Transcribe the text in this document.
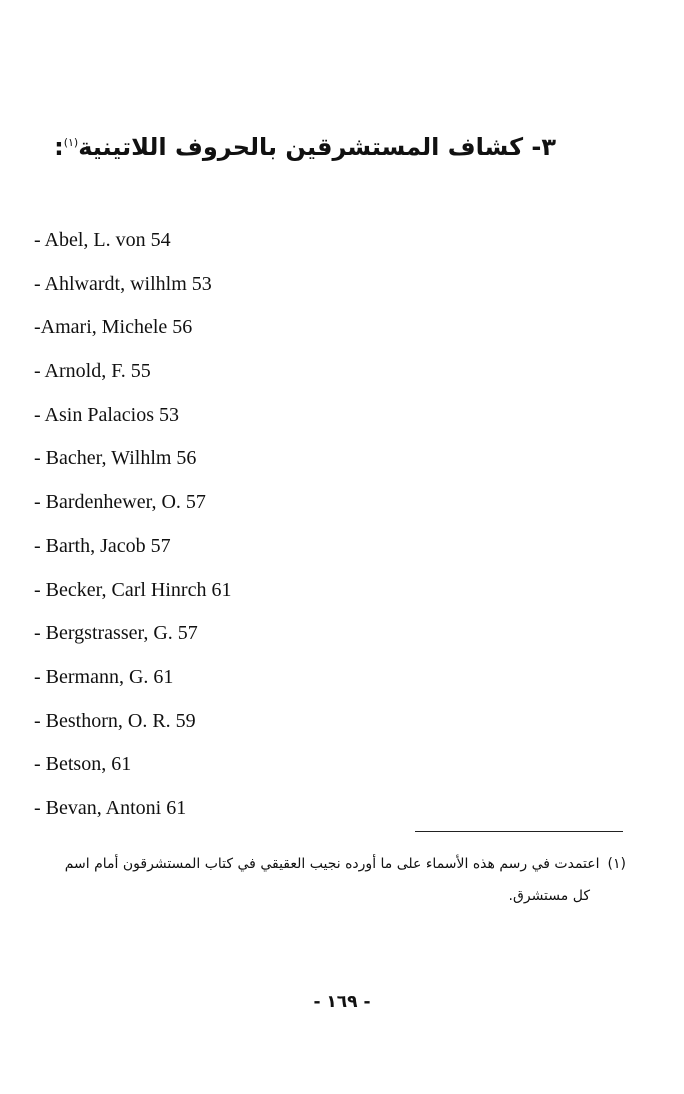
٣- كشاف المستشرقين بالحروف اللاتينية$^{(١)}$:
- Abel, L. von 54
- Ahlwardt, wilhlm 53
-Amari, Michele 56
- Arnold, F. 55
- Asin Palacios 53
- Bacher, Wilhlm 56
- Bardenhewer, O. 57
- Barth, Jacob 57
- Becker, Carl Hinrch 61
- Bergstrasser, G. 57
- Bermann, G. 61
- Besthorn, O. R. 59
- Betson, 61
- Bevan, Antoni 61
(١)اعتمدت في رسم هذه الأسماء على ما أورده نجيب العقيقي في كتاب المستشرقون أمام اسم
كل مستشرق.
- ١٦٩ -
